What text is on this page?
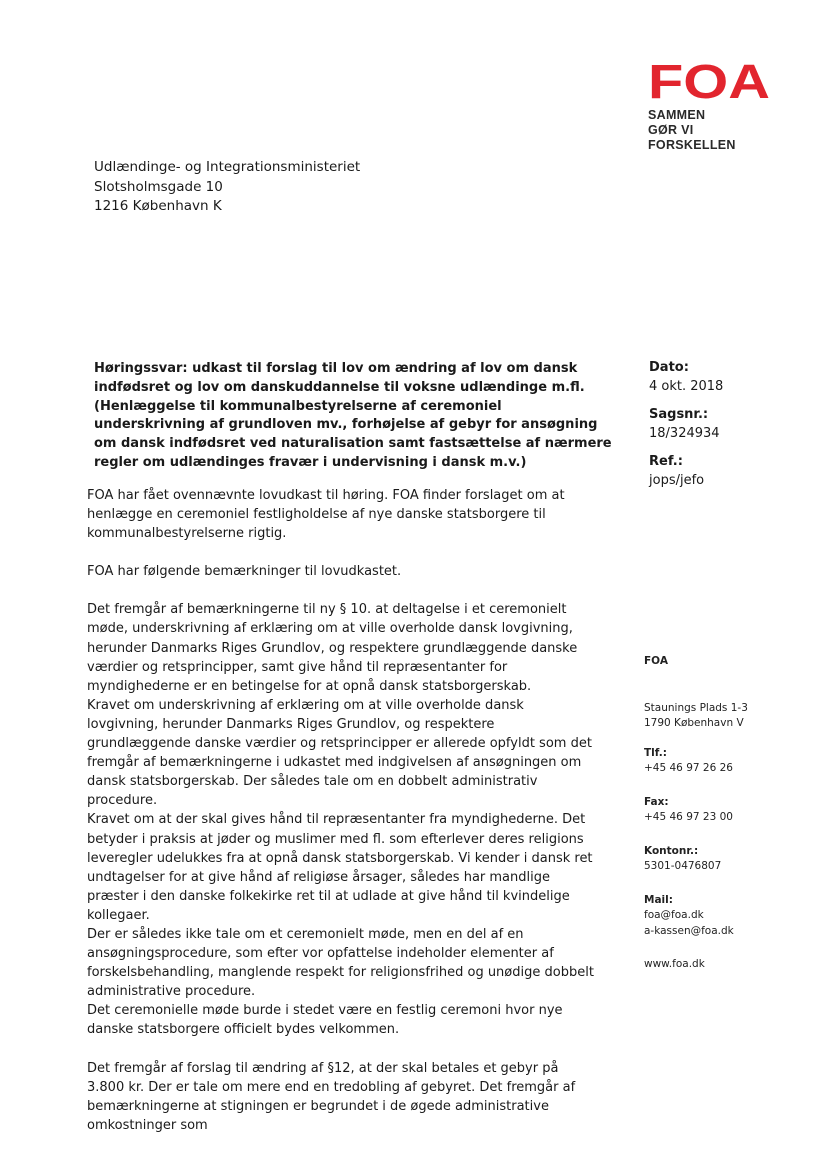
FOA
SAMMEN
GØR VI FORSKELLEN
Udlændinge- og Integrationsministeriet
Slotsholmsgade 10
1216 København K
Høringssvar: udkast til forslag til lov om ændring af lov om dansk indfødsret og lov om danskuddannelse til voksne udlændinge m.fl. (Henlæggelse til kommunalbestyrelserne af ceremoniel underskrivning af grundloven mv., forhøjelse af gebyr for ansøgning om dansk indfødsret ved naturalisation samt fastsættelse af nærmere regler om udlændinges fravær i undervisning i dansk m.v.)
Dato:
4 okt. 2018
Sagsnr.:
18/324934
Ref.:
jops/jefo

FOA har fået ovennævnte lovudkast til høring. FOA finder forslaget om at henlægge en ceremoniel festligholdelse af nye danske statsborgere til kommunalbestyrelserne rigtig.

FOA har følgende bemærkninger til lovudkastet.

Det fremgår af bemærkningerne til ny § 10. at deltagelse i et ceremonielt møde, underskrivning af erklæring om at ville overholde dansk lovgivning, herunder Danmarks Riges Grundlov, og respektere grundlæggende danske værdier og retsprincipper, samt give hånd til repræsentanter for myndighederne er en betingelse for at opnå dansk statsborgerskab.

Kravet om underskrivning af erklæring om at ville overholde dansk lovgivning, herunder Danmarks Riges Grundlov, og respektere grundlæggende danske værdier og retsprincipper er allerede opfyldt som det fremgår af bemærkningerne i udkastet med indgivelsen af ansøgningen om dansk statsborgerskab. Der således tale om en dobbelt administrativ procedure.

Kravet om at der skal gives hånd til repræsentanter fra myndighederne. Det betyder i praksis at jøder og muslimer med fl. som efterlever deres religions leveregler udelukkes fra at opnå dansk statsborgerskab. Vi kender i dansk ret undtagelser for at give hånd af religiøse årsager, således har mandlige præster i den danske folkekirke ret til at udlade at give hånd til kvindelige kollegaer.

Der er således ikke tale om et ceremonielt møde, men en del af en ansøgningsprocedure, som efter vor opfattelse indeholder elementer af forskelsbehandling, manglende respekt for religionsfrihed og unødige dobbelt administrative procedure.

Det ceremonielle møde burde i stedet være en festlig ceremoni hvor nye danske statsborgere officielt bydes velkommen.

Det fremgår af forslag til ændring af §12, at der skal betales et gebyr på 3.800 kr. Der er tale om mere end en tredobling af gebyret. Det fremgår af bemærkningerne at stigningen er begrundet i de øgede administrative omkostninger som

FOA
Staunings Plads 1-3
1790 København V
Tlf.:
+45 46 97 26 26
Fax:
+45 46 97 23 00
Kontonr.:
5301-0476807
Mail:
foa@foa.dk
a-kassen@foa.dk
www.foa.dk
